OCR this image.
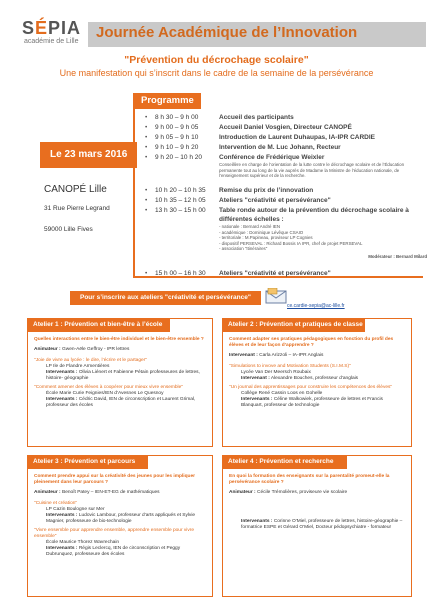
SÉPIA
académie de Lille
Journée Académique de l’Innovation
"Prévention du décrochage scolaire"
Une manifestation qui s’inscrit dans le cadre de la semaine de la persévérance
Programme
Le 23 mars 2016
CANOPÉ Lille
31 Rue Pierre Legrand
59000 Lille Fives
•	8 h 30 – 9 h 00	Accueil des participants
•	9 h 00 – 9 h 05	Accueil Daniel Vosgien, Directeur CANOPÉ
•	9 h 05 – 9 h 10	Introduction de Laurent Duhaupas, IA-IPR CARDIE
•	9 h 10 – 9 h 20	Intervention de M. Luc Johann, Recteur
•	9 h 20 – 10 h 20	Conférence de Frédérique Weixler
Conseillère en charge de l’orientation de la lutte contre le décrochage scolaire et de l’Éducation permanente tout au long de la vie auprès de Madame la Ministre de l’éducation nationale, de l’enseignement supérieur et de la recherche.
•	10 h 20 – 10 h 35	Remise du prix de l’innovation
•	10 h 35 – 12 h 05	Ateliers "créativité et persévérance"
•	13 h 30 – 15 h 00	Table ronde autour de la prévention du décrochage scolaire à différentes échelles :
- nationale : Bernard André IEN
- académique : Dominique Lévêque CSAIO
- territoriale : M.Papineau, proviseur LP Cognies
- dispositif PERSEVAL : Richard Bossis IA IPR, chef de projet PERSEVAL
- association "Itinéraires"
Modérateur : Bernard Milard
•	15 h 00 – 16 h 30	Ateliers "créativité et persévérance"
Pour s’inscrire aux ateliers "créativité et persévérance"
ce.cardie-sepia@ac-lille.fr
Atelier 1 : Prévention et bien-être à l’école
Quelles interactions entre le bien-être individuel et le bien-être ensemble ?
Animateur : Gwen-Aële Geffroy - IPR lettres
"Joie de vivre au lycée : le dire, l’écrire et le partager"
LP Ile de Flandre Armentières
Intervenants : Olivia Liénert et Fabienne Pétain professeures de lettres, histoire- géographie
"Comment amener des élèves à coopérer pour mieux vivre ensemble"
École Marie Curie Feignies/IEN d’Avesnes Le Quesnoy
Intervenants : Cédric David, IEN de circonscription et Laurent Grimal, professeur des écoles
Atelier 2 : Prévention et pratiques de classe
Comment adapter ses pratiques pédagogiques en fonction du profil des élèves et de leur façon d’apprendre ?
Intervenant : Carla Arizzoli – IA-IPR Anglais
"Simulations to invove and Motivation Students (S.I.M.S)"
Lycée Van Der Meersch Roubaix
Intervenant : Alexandre Bouches, professeur d’anglais
"Un journal des apprentissages pour construire les compétences des élèves"
Collège René Cassin Loos en Gohelle
Intervenants : Céline Walkowiek, professeure de lettres et Francis Blanquart, professeur de technologie
Atelier 3 : Prévention et parcours
Comment prendre appui sur la créativité des jeunes pour les impliquer pleinement dans leur parcours ?
Animateur : Benoît Patey – IEN-ET-EG de mathématiques
"Cuisine et création"
LP Cazin Boulogne sur Mer
Intervenants : Ludovic Lambour, professeur d’arts appliqués et Sylvie Magnier, professeure de bio-technologie
"Vivre ensemble pour apprendre ensemble, apprendre ensemble pour vivre ensemble"
École Maurice Thorez Wavrechain
Intervenants : Régis Leclercq, IEN de circonscription et Peggy Dubrunquez, professeure des écoles
Atelier 4 : Prévention et recherche
En quoi la formation des enseignants sur la parentalité promeut-elle la persévérance scolaire ?
Animateur : Cécile Trémolières, proviseure vie scolaire
Intervenants : Corinne O’Miel, professeure de lettres, histoire-géographie – formatrice ESPE et Gérard O’Miel, Docteur pédopsychiatre - formateur
